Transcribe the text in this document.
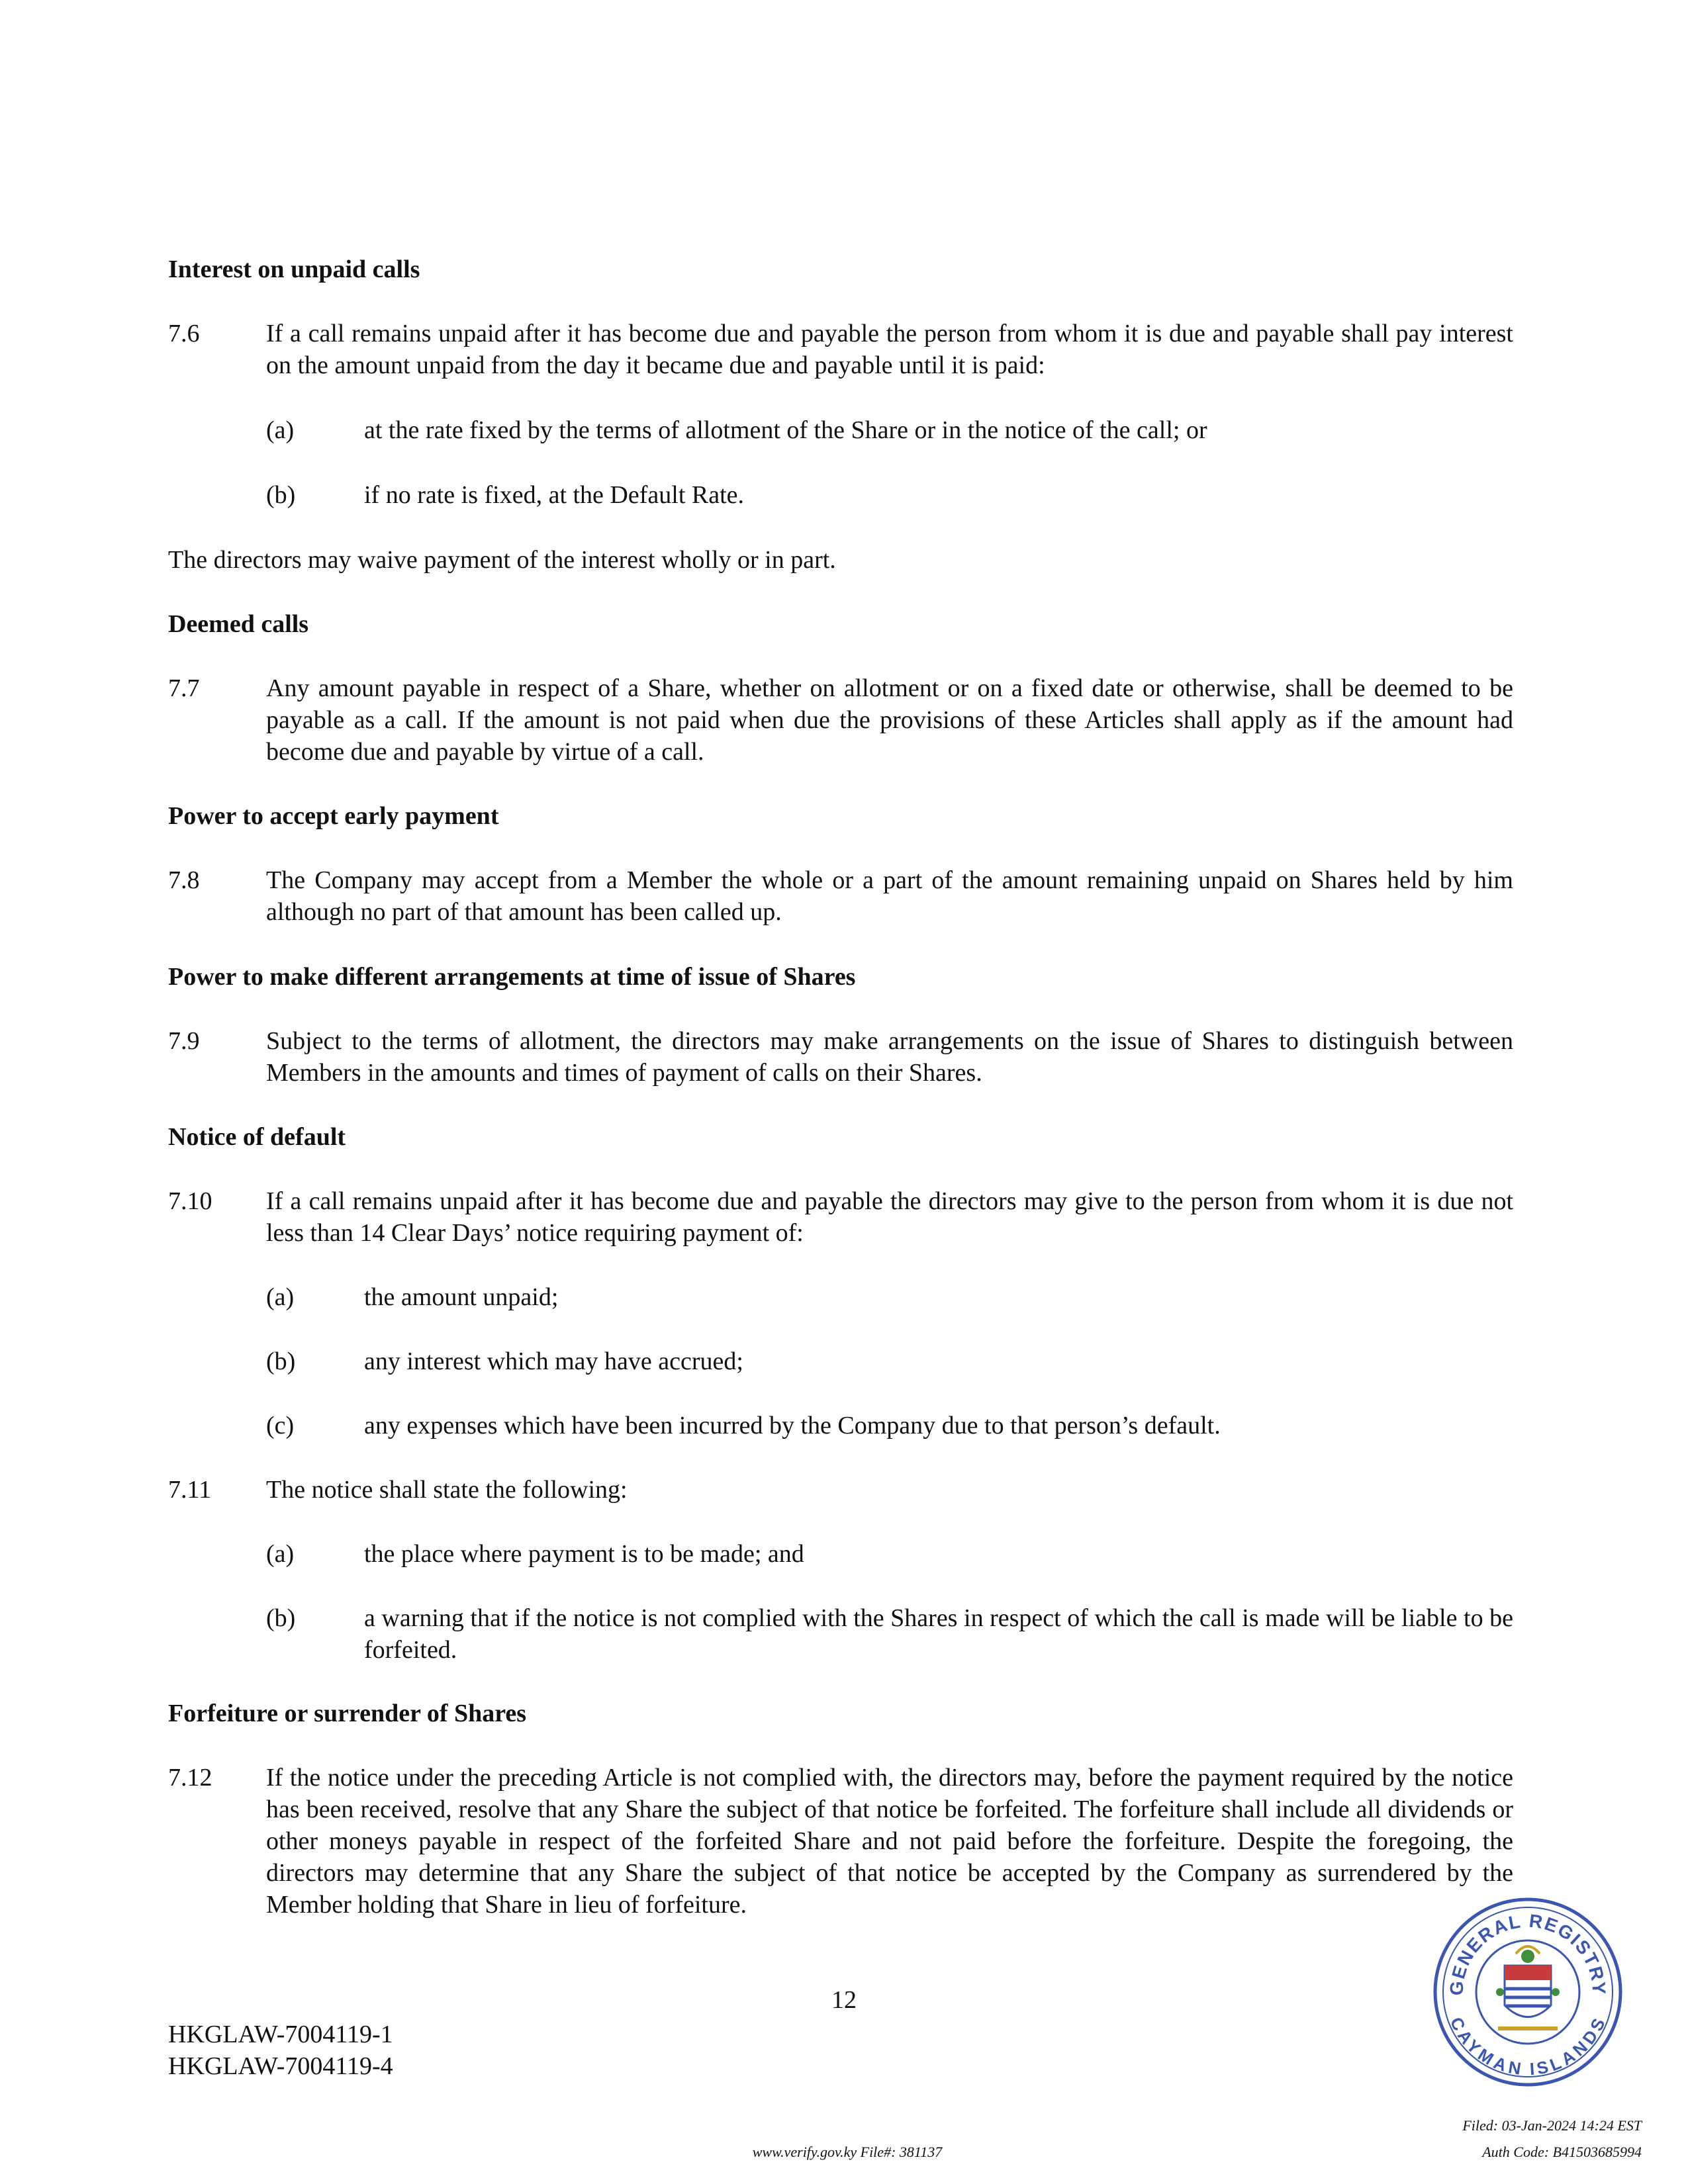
Interest on unpaid calls
7.6	If a call remains unpaid after it has become due and payable the person from whom it is due and payable shall pay interest on the amount unpaid from the day it became due and payable until it is paid:
(a)	at the rate fixed by the terms of allotment of the Share or in the notice of the call; or
(b)	if no rate is fixed, at the Default Rate.
The directors may waive payment of the interest wholly or in part.
Deemed calls
7.7	Any amount payable in respect of a Share, whether on allotment or on a fixed date or otherwise, shall be deemed to be payable as a call. If the amount is not paid when due the provisions of these Articles shall apply as if the amount had become due and payable by virtue of a call.
Power to accept early payment
7.8	The Company may accept from a Member the whole or a part of the amount remaining unpaid on Shares held by him although no part of that amount has been called up.
Power to make different arrangements at time of issue of Shares
7.9	Subject to the terms of allotment, the directors may make arrangements on the issue of Shares to distinguish between Members in the amounts and times of payment of calls on their Shares.
Notice of default
7.10 If a call remains unpaid after it has become due and payable the directors may give to the person from whom it is due not less than 14 Clear Days’ notice requiring payment of:
(a)	the amount unpaid;
(b)	any interest which may have accrued;
(c)	any expenses which have been incurred by the Company due to that person’s default.
7.11 The notice shall state the following:
(a)	the place where payment is to be made; and
(b)	a warning that if the notice is not complied with the Shares in respect of which the call is made will be liable to be forfeited.
Forfeiture or surrender of Shares
7.12 If the notice under the preceding Article is not complied with, the directors may, before the payment required by the notice has been received, resolve that any Share the subject of that notice be forfeited. The forfeiture shall include all dividends or other moneys payable in respect of the forfeited Share and not paid before the forfeiture. Despite the foregoing, the directors may determine that any Share the subject of that notice be accepted by the Company as surrendered by the Member holding that Share in lieu of forfeiture.
12
HKGLAW-7004119-1
HKGLAW-7004119-4
www.verify.gov.ky File#: 381137
Filed: 03-Jan-2024 14:24 EST
Auth Code: B41503685994
GENERAL REGISTRY
CAYMAN ISLANDS
